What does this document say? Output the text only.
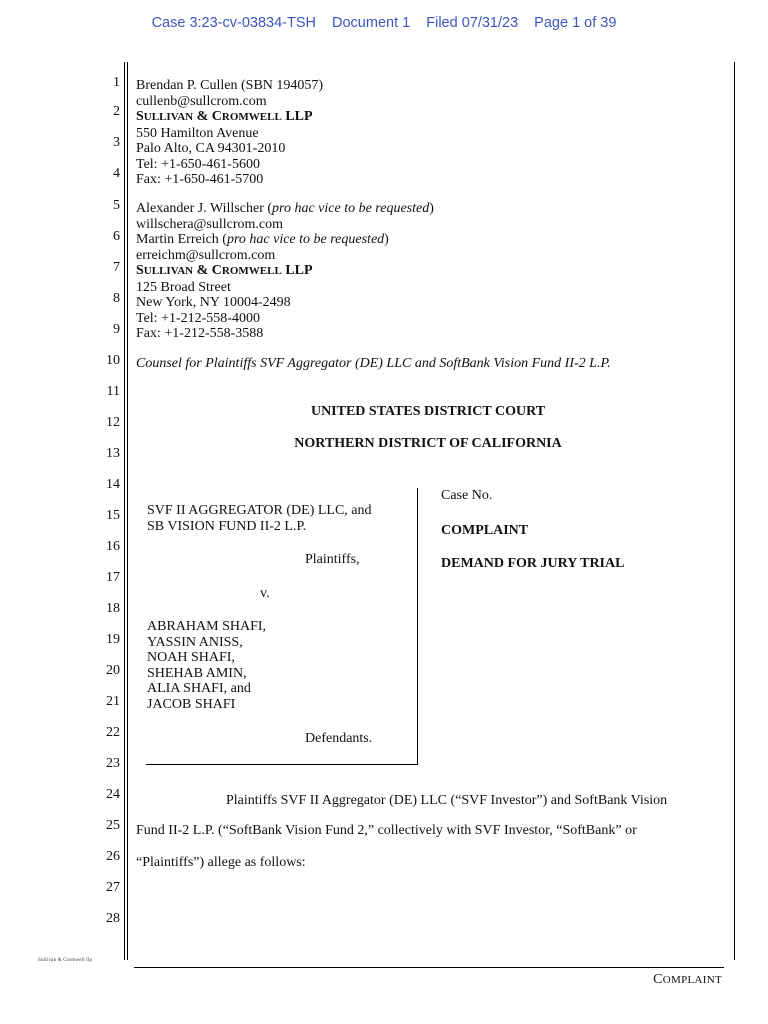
Case 3:23-cv-03834-TSH Document 1 Filed 07/31/23 Page 1 of 39
1
2
3
4
5
6
7
8
9
10
11
12
13
14
15
16
17
18
19
20
21
22
23
24
25
26
27
28
Brendan P. Cullen (SBN 194057)
cullenb@sullcrom.com
SULLIVAN & CROMWELL LLP
550 Hamilton Avenue
Palo Alto, CA 94301-2010
Tel: +1-650-461-5600
Fax: +1-650-461-5700
Alexander J. Willscher (pro hac vice to be requested)
willschera@sullcrom.com
Martin Erreich (pro hac vice to be requested)
erreichm@sullcrom.com
SULLIVAN & CROMWELL LLP
125 Broad Street
New York, NY 10004-2498
Tel: +1-212-558-4000
Fax: +1-212-558-3588
Counsel for Plaintiffs SVF Aggregator (DE) LLC and SoftBank Vision Fund II-2 L.P.
UNITED STATES DISTRICT COURT
NORTHERN DISTRICT OF CALIFORNIA
SVF II AGGREGATOR (DE) LLC, and
SB VISION FUND II-2 L.P.
Plaintiffs,
v.
ABRAHAM SHAFI,
YASSIN ANISS,
NOAH SHAFI,
SHEHAB AMIN,
ALIA SHAFI, and
JACOB SHAFI
Defendants.
Case No.
COMPLAINT
DEMAND FOR JURY TRIAL
Plaintiffs SVF II Aggregator (DE) LLC (“SVF Investor”) and SoftBank Vision
Fund II-2 L.P. (“SoftBank Vision Fund 2,” collectively with SVF Investor, “SoftBank” or
“Plaintiffs”) allege as follows:
Sullivan & Cromwell llp
COMPLAINT
